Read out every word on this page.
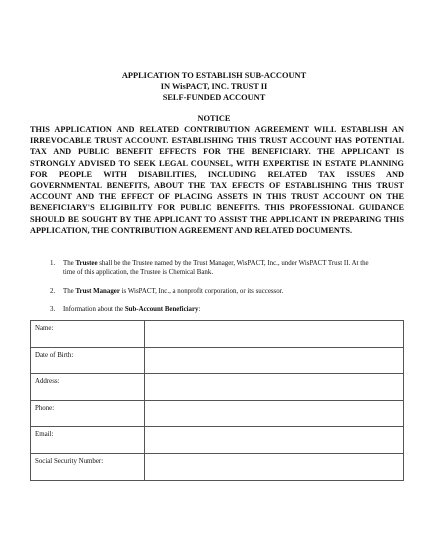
APPLICATION TO ESTABLISH SUB-ACCOUNT
IN WisPACT, INC. TRUST II
SELF-FUNDED ACCOUNT
NOTICE
THIS APPLICATION AND RELATED CONTRIBUTION AGREEMENT WILL ESTABLISH AN IRREVOCABLE TRUST ACCOUNT. ESTABLISHING THIS TRUST ACCOUNT HAS POTENTIAL TAX AND PUBLIC BENEFIT EFFECTS FOR THE BENEFICIARY. THE APPLICANT IS STRONGLY ADVISED TO SEEK LEGAL COUNSEL, WITH EXPERTISE IN ESTATE PLANNING FOR PEOPLE WITH DISABILITIES, INCLUDING RELATED TAX ISSUES AND GOVERNMENTAL BENEFITS, ABOUT THE TAX EFECTS OF ESTABLISHING THIS TRUST ACCOUNT AND THE EFFECT OF PLACING ASSETS IN THIS TRUST ACCOUNT ON THE BENEFICIARY'S ELIGIBILITY FOR PUBLIC BENEFITS. THIS PROFESSIONAL GUIDANCE SHOULD BE SOUGHT BY THE APPLICANT TO ASSIST THE APPLICANT IN PREPARING THIS APPLICATION, THE CONTRIBUTION AGREEMENT AND RELATED DOCUMENTS.
1.	The Trustee shall be the Trustee named by the Trust Manager, WisPACT, Inc., under WisPACT Trust II. At the time of this application, the Trustee is Chemical Bank.
2.	The Trust Manager is WisPACT, Inc., a nonprofit corporation, or its successor.
3.	Information about the Sub-Account Beneficiary:
Name:	
Date of Birth:	
Address:	
Phone:	
Email:	
Social Security Number:	
